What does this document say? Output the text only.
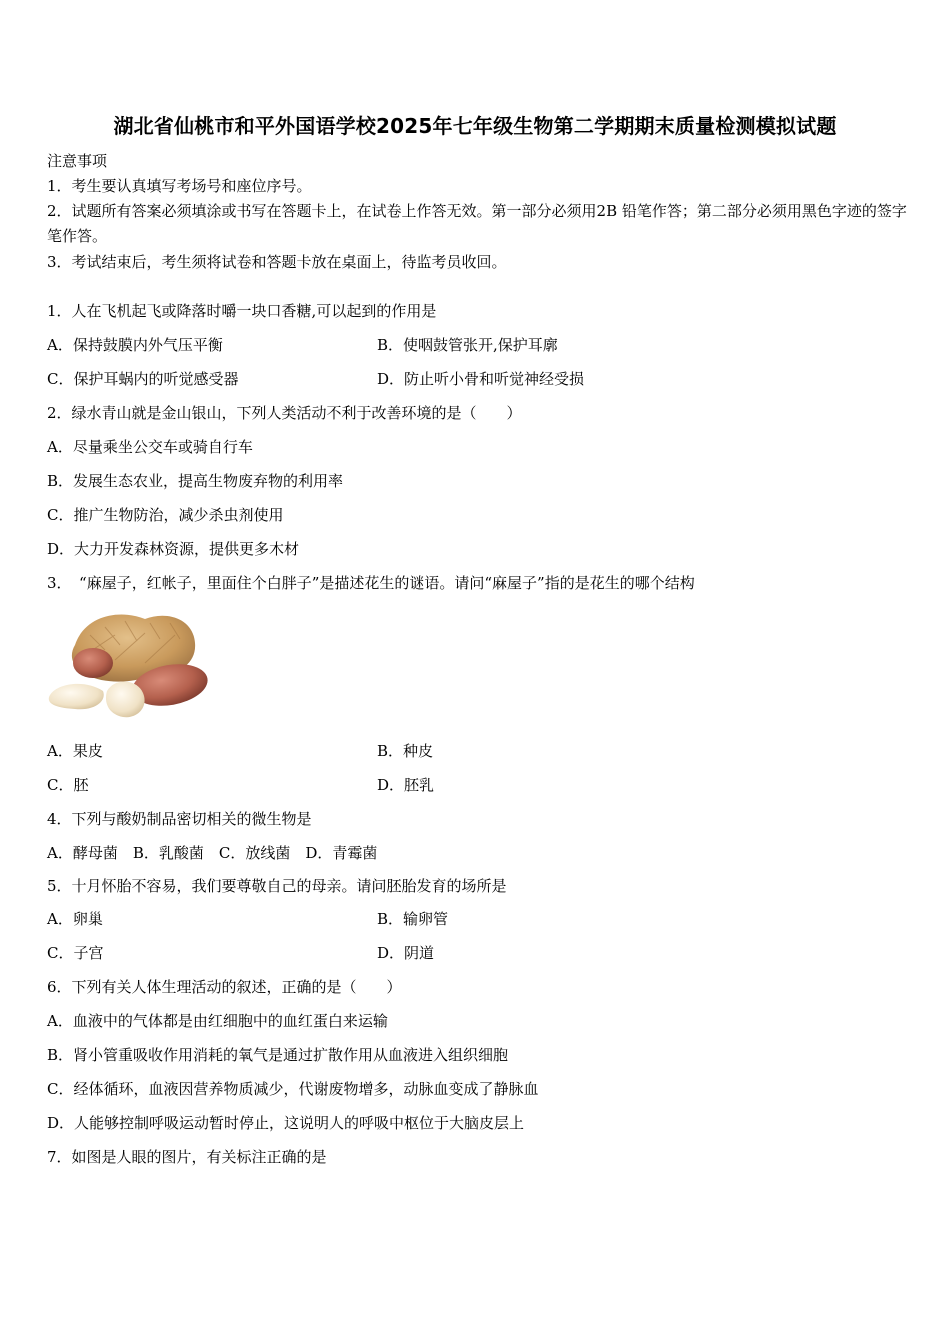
湖北省仙桃市和平外国语学校2025年七年级生物第二学期期末质量检测模拟试题
注意事项
1．考生要认真填写考场号和座位序号。
2．试题所有答案必须填涂或书写在答题卡上，在试卷上作答无效。第一部分必须用2B 铅笔作答；第二部分必须用黑色字迹的签字笔作答。
3．考试结束后，考生须将试卷和答题卡放在桌面上，待监考员收回。
1．人在飞机起飞或降落时嚼一块口香糖,可以起到的作用是
A．保持鼓膜内外气压平衡	B．使咽鼓管张开,保护耳廓
C．保护耳蜗内的听觉感受器	D．防止听小骨和听觉神经受损
2．绿水青山就是金山银山，下列人类活动不利于改善环境的是（　　）
A．尽量乘坐公交车或骑自行车
B．发展生态农业，提高生物废弃物的利用率
C．推广生物防治，减少杀虫剂使用
D．大力开发森林资源，提供更多木材
3．　“麻屋子，红帐子，里面住个白胖子”是描述花生的谜语。请问“麻屋子”指的是花生的哪个结构
A．果皮	B．种皮
C．胚	D．胚乳
4．下列与酸奶制品密切相关的微生物是
A．酵母菌　B．乳酸菌　C．放线菌　D．青霉菌
5．十月怀胎不容易，我们要尊敬自己的母亲。请问胚胎发育的场所是
A．卵巢	B．输卵管
C．子宫	D．阴道
6．下列有关人体生理活动的叙述，正确的是（　　）
A．血液中的气体都是由红细胞中的血红蛋白来运输
B．肾小管重吸收作用消耗的氧气是通过扩散作用从血液进入组织细胞
C．经体循环，血液因营养物质减少，代谢废物增多，动脉血变成了静脉血
D．人能够控制呼吸运动暂时停止，这说明人的呼吸中枢位于大脑皮层上
7．如图是人眼的图片，有关标注正确的是
